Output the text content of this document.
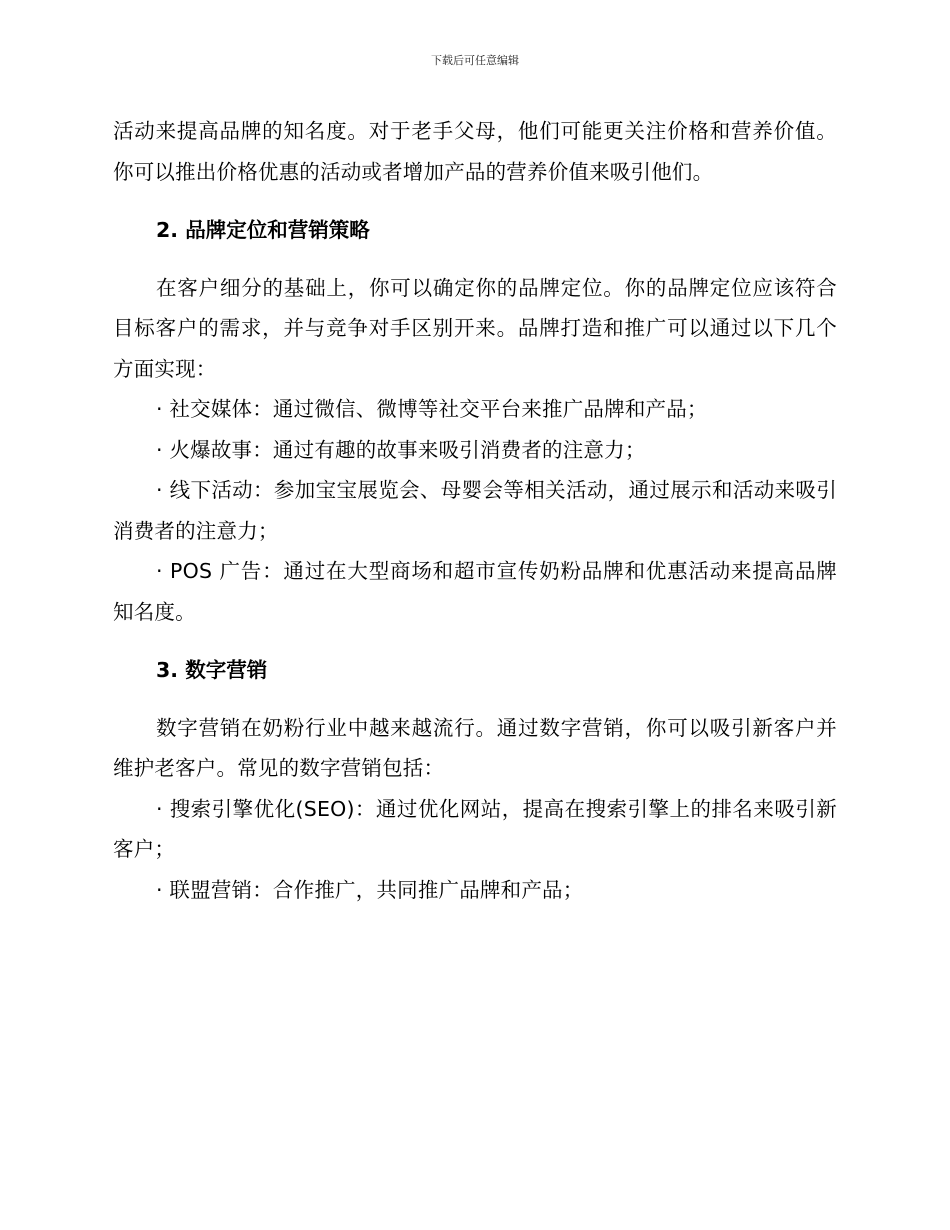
下载后可任意编辑

活动来提高品牌的知名度。对于老手父母，他们可能更关注价格和营养价值。你可以推出价格优惠的活动或者增加产品的营养价值来吸引他们。

2. 品牌定位和营销策略

在客户细分的基础上，你可以确定你的品牌定位。你的品牌定位应该符合目标客户的需求，并与竞争对手区别开来。品牌打造和推广可以通过以下几个方面实现：

· 社交媒体：通过微信、微博等社交平台来推广品牌和产品；

· 火爆故事：通过有趣的故事来吸引消费者的注意力；

· 线下活动：参加宝宝展览会、母婴会等相关活动，通过展示和活动来吸引消费者的注意力；

· POS 广告：通过在大型商场和超市宣传奶粉品牌和优惠活动来提高品牌知名度。

3. 数字营销

数字营销在奶粉行业中越来越流行。通过数字营销，你可以吸引新客户并维护老客户。常见的数字营销包括：

· 搜索引擎优化(SEO)：通过优化网站，提高在搜索引擎上的排名来吸引新客户；

· 联盟营销：合作推广，共同推广品牌和产品；
